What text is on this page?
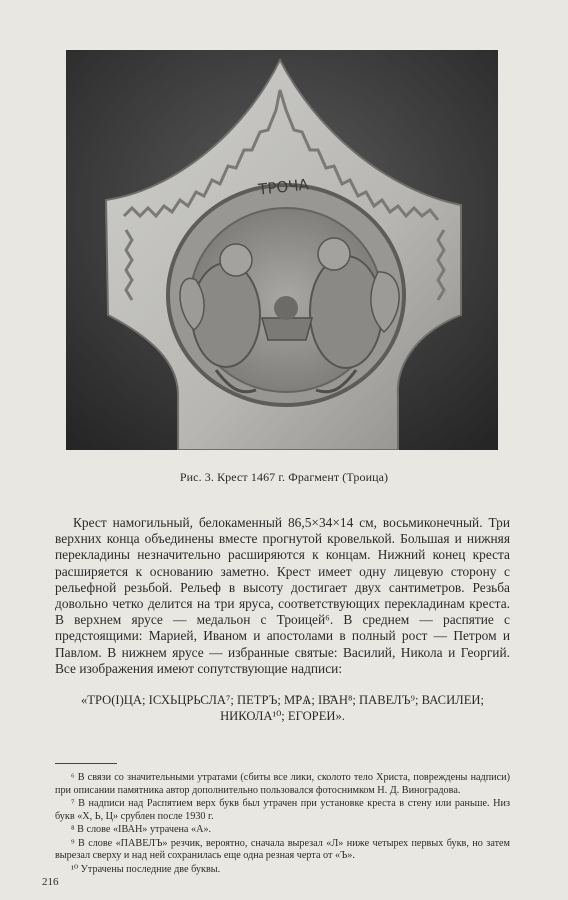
ТРОЧА
Рис. 3. Крест 1467 г. Фрагмент (Троица)

Крест намогильный, белокаменный 86,5×34×14 см, восьмиконечный. Три верхних конца объединены вместе прогнутой кровелькой. Большая и нижняя перекладины незначительно расширяются к концам. Нижний конец креста расширяется к основанию заметно. Крест имеет одну лицевую сторону с рельефной резьбой. Рельеф в высоту достигает двух сантиметров. Резьба довольно четко делится на три яруса, соответствующих перекладинам креста. В верхнем ярусе — медальон с Троицей⁶. В среднем — распятие с предстоящими: Марией, Иваном и апостолами в полный рост — Петром и Павлом. В нижнем ярусе — избранные святые: Василий, Никола и Георгий. Все изображения имеют сопутствующие надписи:

«ТРО(І)ЦА; ІСХЬЦРЬСЛА⁷; ПЕТРЪ; М̃РѦ; ІВ̃АН⁸; ПАВЕЛЪ⁹; ВАСИЛЕИ; НИКОЛА¹⁰; ЕГОРЕИ».

⁶ В связи со значительными утратами (сбиты все лики, сколото тело Христа, повреждены надписи) при описании памятника автор дополнительно пользовался фотоснимком Н. Д. Виноградова.

⁷ В надписи над Распятием верх букв был утрачен при установке креста в стену или раньше. Низ букв «Х, Ь, Ц» срублен после 1930 г.

⁸ В слове «ІВАН» утрачена «А».

⁹ В слове «ПАВЕЛЪ» резчик, вероятно, сначала вырезал «Л» ниже четырех первых букв, но затем вырезал сверху и над ней сохранилась еще одна резная черта от «Ъ».

¹⁰ Утрачены последние две буквы.

216
